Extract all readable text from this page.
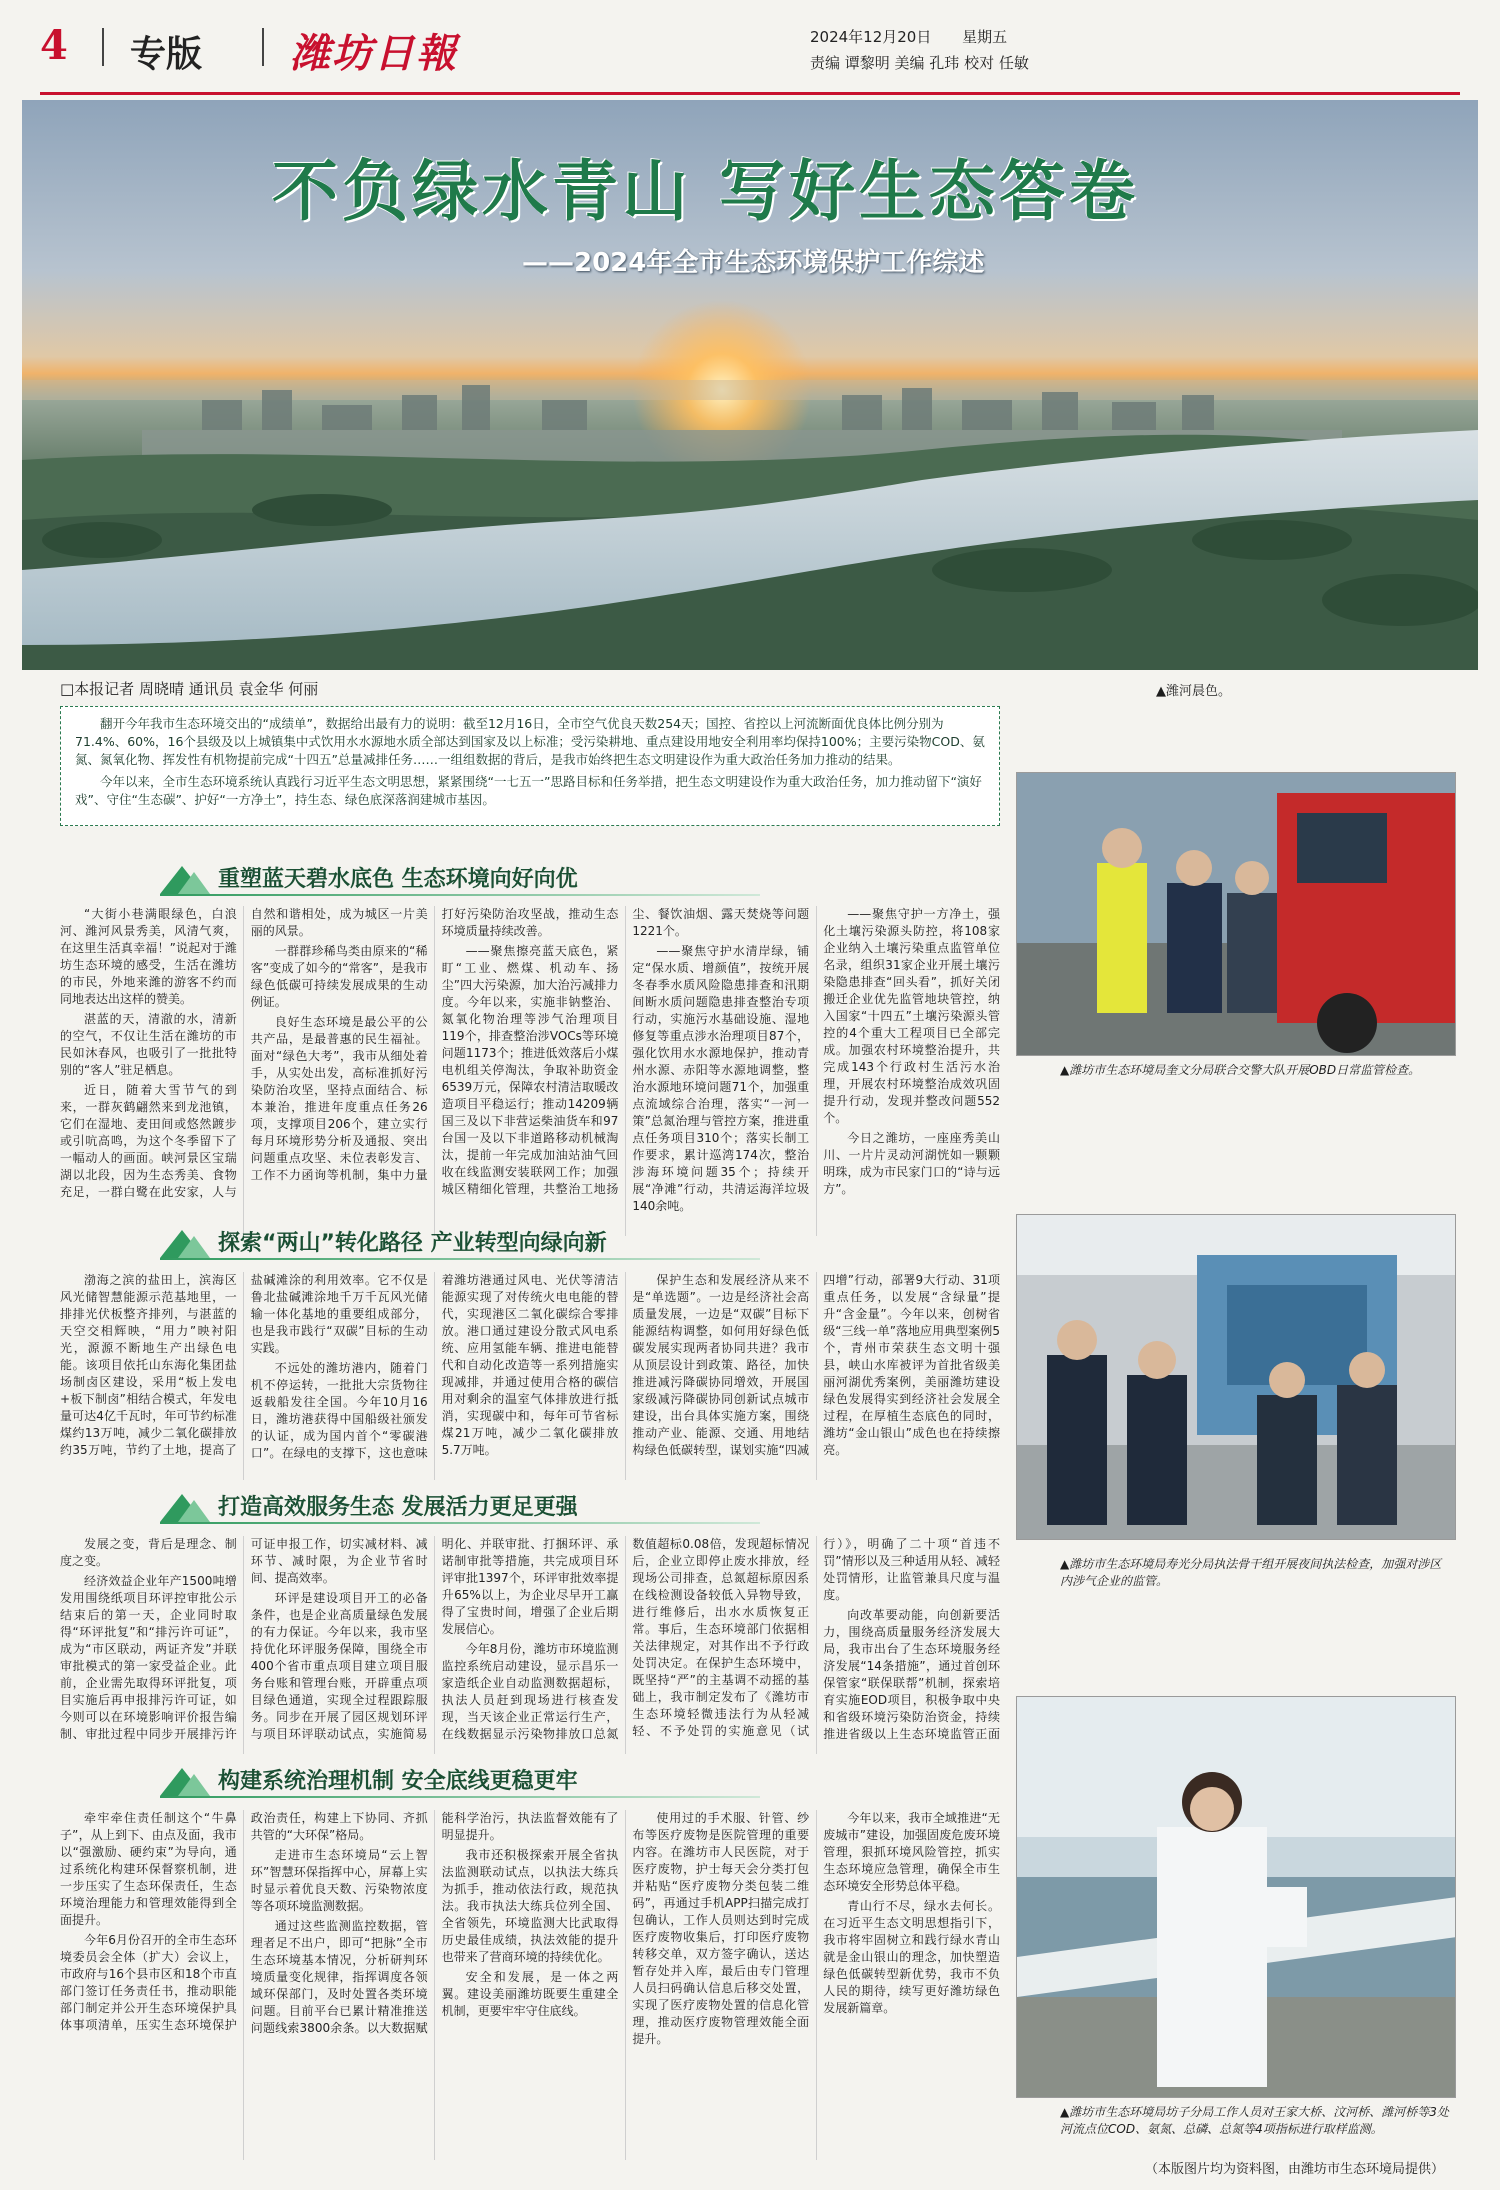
4 专版 潍坊日報	2024年12月20日 星期五
责编 谭黎明 美编 孔玮 校对 任敏
不负绿水青山 写好生态答卷
——2024年全市生态环境保护工作综述
□本报记者 周晓晴 通讯员 袁金华 何丽	▲潍河晨色。

翻开今年我市生态环境交出的“成绩单”，数据给出最有力的说明：截至12月16日，全市空气优良天数254天；国控、省控以上河流断面优良体比例分别为71.4%、60%，16个县级及以上城镇集中式饮用水水源地水质全部达到国家及以上标准；受污染耕地、重点建设用地安全利用率均保持100%；主要污染物COD、氨氮、氮氧化物、挥发性有机物提前完成“十四五”总量减排任务……一组组数据的背后，是我市始终把生态文明建设作为重大政治任务加力推动的结果。

今年以来，全市生态环境系统认真践行习近平生态文明思想，紧紧围绕“一七五一”思路目标和任务举措，把生态文明建设作为重大政治任务，加力推动留下“演好戏”、守住“生态碳”、护好“一方净土”，持生态、绿色底深落润建城市基因。

重塑蓝天碧水底色 生态环境向好向优

“大街小巷满眼绿色，白浪河、潍河风景秀美，风清气爽，在这里生活真幸福！”说起对于潍坊生态环境的感受，生活在潍坊的市民，外地来潍的游客不约而同地表达出这样的赞美。

湛蓝的天，清澈的水，清新的空气，不仅让生活在潍坊的市民如沐春风，也吸引了一批批特别的“客人”驻足栖息。

近日，随着大雪节气的到来，一群灰鹤翩然来到龙池镇，它们在湿地、麦田间或悠然踱步或引吭高鸣，为这个冬季留下了一幅动人的画面。峡河景区宝瑞湖以北段，因为生态秀美、食物充足，一群白鹭在此安家，人与自然和谐相处，成为城区一片美丽的风景。

一群群珍稀鸟类由原来的“稀客”变成了如今的“常客”，是我市绿色低碳可持续发展成果的生动例证。

良好生态环境是最公平的公共产品，是最普惠的民生福祉。面对“绿色大考”，我市从细处着手，从实处出发，高标准抓好污染防治攻坚，坚持点面结合、标本兼治，推进年度重点任务26项，支撑项目206个，建立实行每月环境形势分析及通报、突出问题重点攻坚、未位表彰发言、工作不力函询等机制，集中力量打好污染防治攻坚战，推动生态环境质量持续改善。

——聚焦擦亮蓝天底色，紧盯“工业、燃煤、机动车、扬尘”四大污染源，加大治污减排力度。今年以来，实施非钠整治、氮氧化物治理等涉气治理项目119个，排查整治涉VOCs等环境问题1173个；推进低效落后小煤电机组关停淘汰，争取补助资金6539万元，保障农村清洁取暖改造项目平稳运行；推动14209辆国三及以下非营运柴油货车和97台国一及以下非道路移动机械淘汰，提前一年完成加油站油气回收在线监测安装联网工作；加强城区精细化管理，共整治工地扬尘、餐饮油烟、露天焚烧等问题1221个。

——聚焦守护水清岸绿，铺定“保水质、增颜值”，按统开展冬春季水质风险隐患排查和汛期间断水质问题隐患排查整治专项行动，实施污水基础设施、湿地修复等重点涉水治理项目87个，强化饮用水水源地保护，推动青州水源、赤阳等水源地调整，整治水源地环境问题71个，加强重点流域综合治理，落实“一河一策”总氮治理与管控方案，推进重点任务项目310个；落实长制工作要求，累计巡湾174次，整治涉海环境问题35个；持续开展“净滩”行动，共清运海洋垃圾140余吨。

——聚焦守护一方净土，强化土壤污染源头防控，将108家企业纳入土壤污染重点监管单位名录，组织31家企业开展土壤污染隐患排查“回头看”，抓好关闭搬迁企业优先监管地块管控，纳入国家“十四五”土壤污染源头管控的4个重大工程项目已全部完成。加强农村环境整治提升，共完成143个行政村生活污水治理，开展农村环境整治成效巩固提升行动，发现并整改问题552个。

今日之潍坊，一座座秀美山川、一片片灵动河湖恍如一颗颗明珠，成为市民家门口的“诗与远方”。

探索“两山”转化路径 产业转型向绿向新

渤海之滨的盐田上，滨海区风光储智慧能源示范基地里，一排排光伏板整齐排列，与湛蓝的天空交相辉映，“用力”映衬阳光，源源不断地生产出绿色电能。该项目依托山东海化集团盐场制卤区建设，采用“板上发电+板下制卤”相结合模式，年发电量可达4亿千瓦时，年可节约标准煤约13万吨，减少二氧化碳排放约35万吨，节约了土地，提高了盐碱滩涂的利用效率。它不仅是鲁北盐碱滩涂地千万千瓦风光储输一体化基地的重要组成部分，也是我市践行“双碳”目标的生动实践。

不远处的潍坊港内，随着门机不停运转，一批批大宗货物往返载船发往全国。今年10月16日，潍坊港获得中国船级社颁发的认证，成为国内首个“零碳港口”。在绿电的支撑下，这也意味着潍坊港通过风电、光伏等清洁能源实现了对传统火电电能的替代，实现港区二氧化碳综合零排放。港口通过建设分散式风电系统、应用氢能车辆、推进电能替代和自动化改造等一系列措施实现减排，并通过使用合格的碳信用对剩余的温室气体排放进行抵消，实现碳中和，每年可节省标煤21万吨，减少二氧化碳排放5.7万吨。

保护生态和发展经济从来不是“单选题”。一边是经济社会高质量发展，一边是“双碳”目标下能源结构调整，如何用好绿色低碳发展实现两者协同共进？我市从顶层设计到政策、路径，加快推进减污降碳协同增效，开展国家级减污降碳协同创新试点城市建设，出台具体实施方案，围绕推动产业、能源、交通、用地结构绿色低碳转型，谋划实施“四减四增”行动，部署9大行动、31项重点任务，以发展“含绿量”提升“含金量”。今年以来，创树省级“三线一单”落地应用典型案例5个，青州市荣获生态文明十强县，峡山水库被评为首批省级美丽河湖优秀案例，美丽潍坊建设绿色发展得实到经济社会发展全过程，在厚植生态底色的同时，潍坊“金山银山”成色也在持续擦亮。

打造高效服务生态 发展活力更足更强

发展之变，背后是理念、制度之变。

经济效益企业年产1500吨增发用围绕纸项目环评控审批公示结束后的第一天，企业同时取得“环评批复”和“排污许可证”，成为“市区联动，两证齐发”并联审批模式的第一家受益企业。此前，企业需先取得环评批复，项目实施后再申报排污许可证，如今则可以在环境影响评价报告编制、审批过程中同步开展排污许可证申报工作，切实减材料、减环节、减时限，为企业节省时间、提高效率。

环评是建设项目开工的必备条件，也是企业高质量绿色发展的有力保证。今年以来，我市坚持优化环评服务保障，围绕全市400个省市重点项目建立项目服务台账和管理台账，开辟重点项目绿色通道，实现全过程跟踪服务。同步在开展了园区规划环评与项目环评联动试点，实施简易明化、并联审批、打捆环评、承诺制审批等措施，共完成项目环评审批1397个，环评审批效率提升65%以上，为企业尽早开工赢得了宝贵时间，增强了企业后期发展信心。

今年8月份，潍坊市环境监测监控系统启动建设，显示昌乐一家造纸企业自动监测数据超标，执法人员赶到现场进行核查发现，当天该企业正常运行生产，在线数据显示污染物排放口总氮数值超标0.08倍，发现超标情况后，企业立即停止废水排放，经现场公司排查，总氮超标原因系在线检测设备较低入异物导致，进行维修后，出水水质恢复正常。事后，生态环境部门依据相关法律规定，对其作出不予行政处罚决定。在保护生态环境中，既坚持“严”的主基调不动摇的基础上，我市制定发布了《潍坊市生态环境轻微违法行为从轻减轻、不予处罚的实施意见（试行）》，明确了二十项“首违不罚”情形以及三种适用从轻、减轻处罚情形，让监管兼具尺度与温度。

向改革要动能，向创新要活力，围绕高质量服务经济发展大局，我市出台了生态环境服务经济发展“14条措施”，通过首创环保管家“联保联帮”机制，探索培育实施EOD项目，积极争取中央和省级环境污染防治资金，持续推进省级以上生态环境监管正面

构建系统治理机制 安全底线更稳更牢

牵牢牵住责任制这个“牛鼻子”，从上到下、由点及面，我市以“强激励、硬约束”为导向，通过系统化构建环保督察机制，进一步压实了生态环保责任，生态环境治理能力和管理效能得到全面提升。

今年6月份召开的全市生态环境委员会全体（扩大）会议上，市政府与16个县市区和18个市直部门签订任务责任书，推动职能部门制定并公开生态环境保护具体事项清单，压实生态环境保护政治责任，构建上下协同、齐抓共管的“大环保”格局。

走进市生态环境局“云上智环”智慧环保指挥中心，屏幕上实时显示着优良天数、污染物浓度等各项环境监测数据。

通过这些监测监控数据，管理者足不出户，即可“把脉”全市生态环境基本情况，分析研判环境质量变化规律，指挥调度各领域环保部门，及时处置各类环境问题。目前平台已累计精准推送问题线索3800余条。以大数据赋能科学治污，执法监督效能有了明显提升。

我市还积极探索开展全省执法监测联动试点，以执法大练兵为抓手，推动依法行政，规范执法。我市执法大练兵位列全国、全省领先，环境监测大比武取得历史最佳成绩，执法效能的提升也带来了营商环境的持续优化。

安全和发展，是一体之两翼。建设美丽潍坊既要生重建全机制，更要牢牢守住底线。

使用过的手术服、针管、纱布等医疗废物是医院管理的重要内容。在潍坊市人民医院，对于医疗废物，护士每天会分类打包并粘贴“医疗废物分类包装二维码”，再通过手机APP扫描完成打包确认，工作人员则达到时完成医疗废物收集后，打印医疗废物转移交单，双方签字确认，送达暂存处并入库，最后由专门管理人员扫码确认信息后移交处置，实现了医疗废物处置的信息化管理，推动医疗废物管理效能全面提升。

今年以来，我市全域推进“无废城市”建设，加强固废危废环境管理，狠抓环境风险管控，抓实生态环境应急管理，确保全市生态环境安全形势总体平稳。

青山行不尽，绿水去何长。在习近平生态文明思想指引下，我市将牢固树立和践行绿水青山就是金山银山的理念，加快塑造绿色低碳转型新优势，我市不负人民的期待，续写更好潍坊绿色发展新篇章。

▲潍坊市生态环境局奎文分局联合交警大队开展OBD日常监管检查。
▲潍坊市生态环境局寿光分局执法骨干组开展夜间执法检查，加强对涉区内涉气企业的监管。
▲潍坊市生态环境局坊子分局工作人员对王家大桥、汶河桥、潍河桥等3处河流点位COD、氨氮、总磷、总氮等4项指标进行取样监测。
（本版图片均为资料图，由潍坊市生态环境局提供）
